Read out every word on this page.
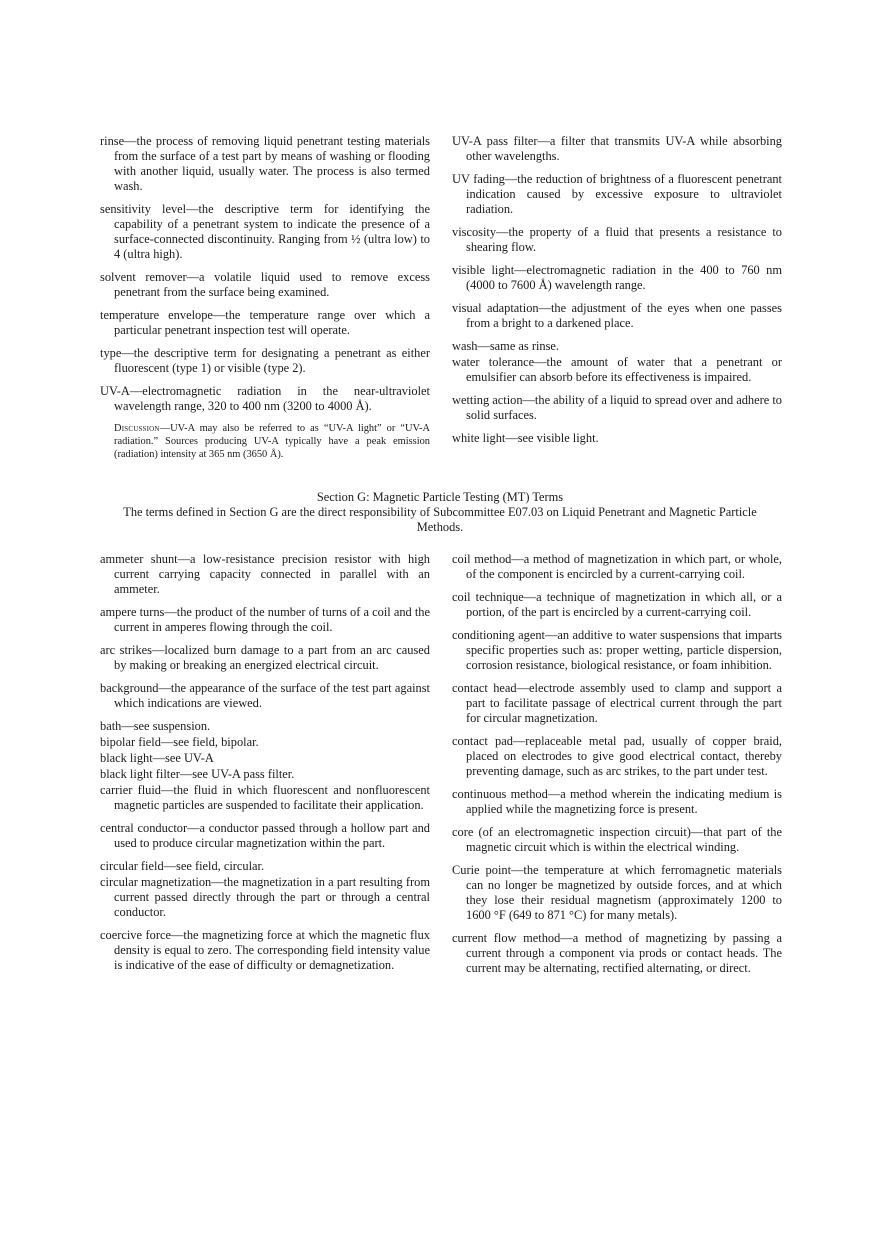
rinse—the process of removing liquid penetrant testing materials from the surface of a test part by means of washing or flooding with another liquid, usually water. The process is also termed wash.

sensitivity level—the descriptive term for identifying the capability of a penetrant system to indicate the presence of a surface-connected discontinuity. Ranging from ½ (ultra low) to 4 (ultra high).

solvent remover—a volatile liquid used to remove excess penetrant from the surface being examined.

temperature envelope—the temperature range over which a particular penetrant inspection test will operate.

type—the descriptive term for designating a penetrant as either fluorescent (type 1) or visible (type 2).

UV-A—electromagnetic radiation in the near-ultraviolet wavelength range, 320 to 400 nm (3200 to 4000 Å).

Discussion—UV-A may also be referred to as “UV-A light” or “UV-A radiation.” Sources producing UV-A typically have a peak emission (radiation) intensity at 365 nm (3650 Å).

UV-A pass filter—a filter that transmits UV-A while absorbing other wavelengths.

UV fading—the reduction of brightness of a fluorescent penetrant indication caused by excessive exposure to ultraviolet radiation.

viscosity—the property of a fluid that presents a resistance to shearing flow.

visible light—electromagnetic radiation in the 400 to 760 nm (4000 to 7600 Å) wavelength range.

visual adaptation—the adjustment of the eyes when one passes from a bright to a darkened place.

wash—same as rinse.

water tolerance—the amount of water that a penetrant or emulsifier can absorb before its effectiveness is impaired.

wetting action—the ability of a liquid to spread over and adhere to solid surfaces.

white light—see visible light.

Section G: Magnetic Particle Testing (MT) Terms

The terms defined in Section G are the direct responsibility of Subcommittee E07.03 on Liquid Penetrant and Magnetic Particle Methods.

ammeter shunt—a low-resistance precision resistor with high current carrying capacity connected in parallel with an ammeter.

ampere turns—the product of the number of turns of a coil and the current in amperes flowing through the coil.

arc strikes—localized burn damage to a part from an arc caused by making or breaking an energized electrical circuit.

background—the appearance of the surface of the test part against which indications are viewed.

bath—see suspension.

bipolar field—see field, bipolar.

black light—see UV-A

black light filter—see UV-A pass filter.

carrier fluid—the fluid in which fluorescent and nonfluorescent magnetic particles are suspended to facilitate their application.

central conductor—a conductor passed through a hollow part and used to produce circular magnetization within the part.

circular field—see field, circular.

circular magnetization—the magnetization in a part resulting from current passed directly through the part or through a central conductor.

coercive force—the magnetizing force at which the magnetic flux density is equal to zero. The corresponding field intensity value is indicative of the ease of difficulty or demagnetization.

coil method—a method of magnetization in which part, or whole, of the component is encircled by a current-carrying coil.

coil technique—a technique of magnetization in which all, or a portion, of the part is encircled by a current-carrying coil.

conditioning agent—an additive to water suspensions that imparts specific properties such as: proper wetting, particle dispersion, corrosion resistance, biological resistance, or foam inhibition.

contact head—electrode assembly used to clamp and support a part to facilitate passage of electrical current through the part for circular magnetization.

contact pad—replaceable metal pad, usually of copper braid, placed on electrodes to give good electrical contact, thereby preventing damage, such as arc strikes, to the part under test.

continuous method—a method wherein the indicating medium is applied while the magnetizing force is present.

core (of an electromagnetic inspection circuit)—that part of the magnetic circuit which is within the electrical winding.

Curie point—the temperature at which ferromagnetic materials can no longer be magnetized by outside forces, and at which they lose their residual magnetism (approximately 1200 to 1600 °F (649 to 871 °C) for many metals).

current flow method—a method of magnetizing by passing a current through a component via prods or contact heads. The current may be alternating, rectified alternating, or direct.
